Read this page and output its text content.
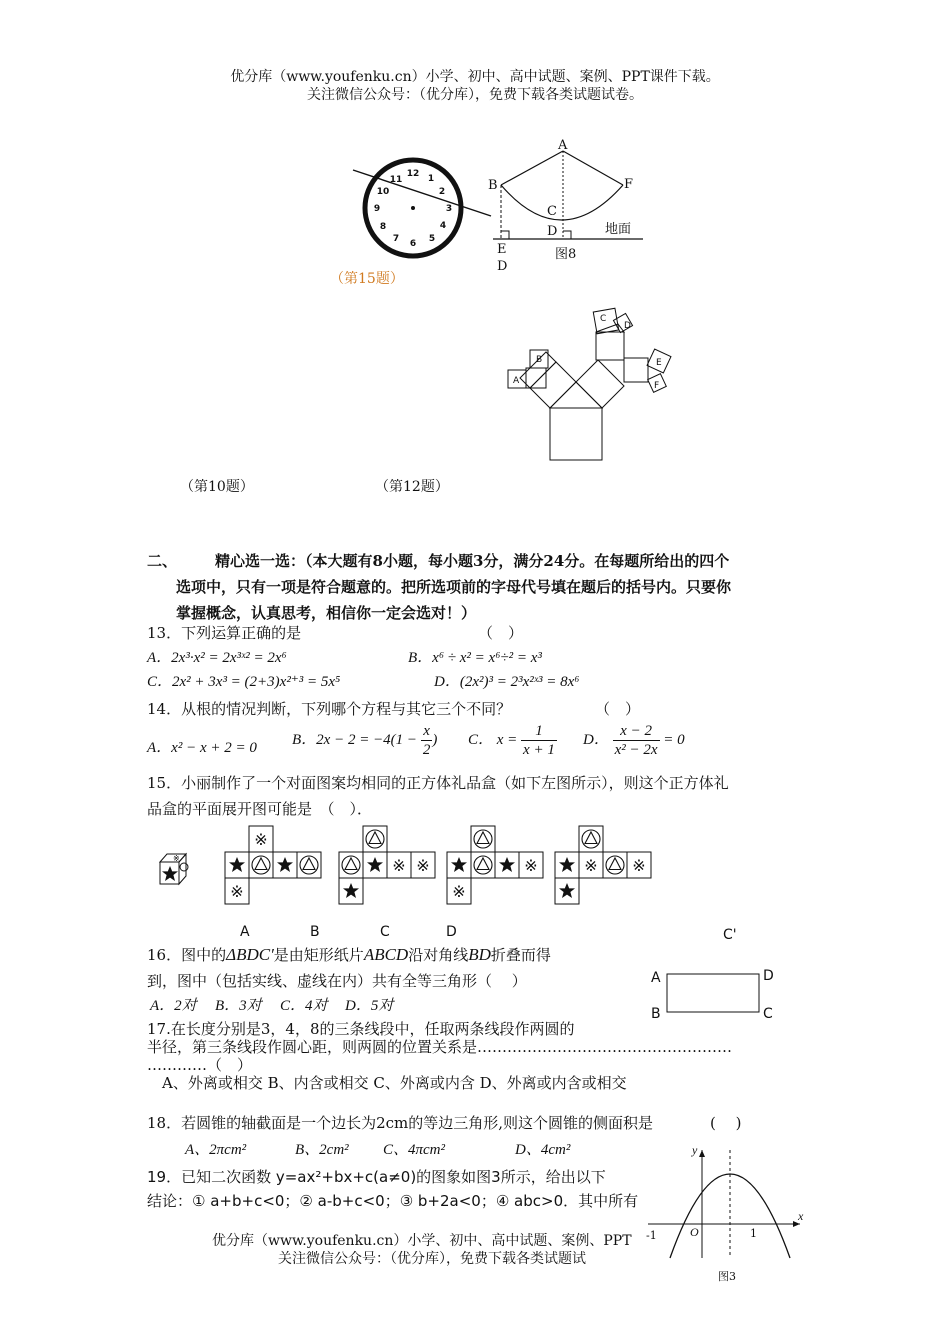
优分库（www.youfenku.cn）小学、初中、高中试题、案例、PPT课件下载。
关注微信公众号：（优分库），免费下载各类试题试卷。
12 1
2
3
4
5
6
7
8
9
10
11
（第15题）
A
B	F
C
D
E
D
地面
图8
A
B
C
D
E
F
（第10题）	（第12题）
二、	精心选一选：（本大题有8小题，每小题3分，满分24分。在每题所给出的四个
选项中，只有一项是符合题意的。把所选项前的字母代号填在题后的括号内。只要你
掌握概念，认真思考，相信你一定会选对！）
13．下列运算正确的是	（　）
A．2x³·x² = 2x³ˣ² = 2x⁶	B．x⁶ ÷ x² = x⁶÷² = x³
C．2x² + 3x³ = (2+3)x²⁺³ = 5x⁵	D．(2x²)³ = 2³x²ˣ³ = 8x⁶
14．从根的情况判断，下列哪个方程与其它三个不同？	（　）
A．x² − x + 2 = 0
B．$2x - 2 = -4(1 - \frac{x}{2}$ ) C． $x = \frac{1}{x + 1}$ D． $\frac{x - 2}{\text{x² − 2x}} = 0$
15．小丽制作了一个对面图案均相同的正方体礼品盒（如下左图所示），则这个正方体礼
品盒的平面展开图可能是　（　）．
※
※
A	B	C	D
A	D
B	C
C'
16．图中的ΔBDC′是由矩形纸片ABCD沿对角线BD折叠而得
到，图中（包括实线、虚线在内）共有全等三角形（　 ）
A．2对 B．3对 C．4对 D．5对
17.在长度分别是3，4，8的三条线段中，任取两条线段作两圆的
半径，第三条线段作圆心距，则两圆的位置关系是……………………………………………
…………（　）
A、外离或相交 B、内含或相交 C、外离或内含 D、外离或内含或相交
18．若圆锥的轴截面是一个边长为2cm的等边三角形,则这个圆锥的侧面积是	(　 )
A、2πcm²	B、2cm² C、4πcm²	D、4cm²
19．已知二次函数 y=ax²+bx+c(a≠0)的图象如图3所示，给出以下
结论：① a+b+c<0；② a-b+c<0；③ b+2a<0；④ abc>0．其中所有
y
x
O
-1	1
图3
优分库（www.youfenku.cn）小学、初中、高中试题、案例、PPT
关注微信公众号：（优分库），免费下载各类试题试
